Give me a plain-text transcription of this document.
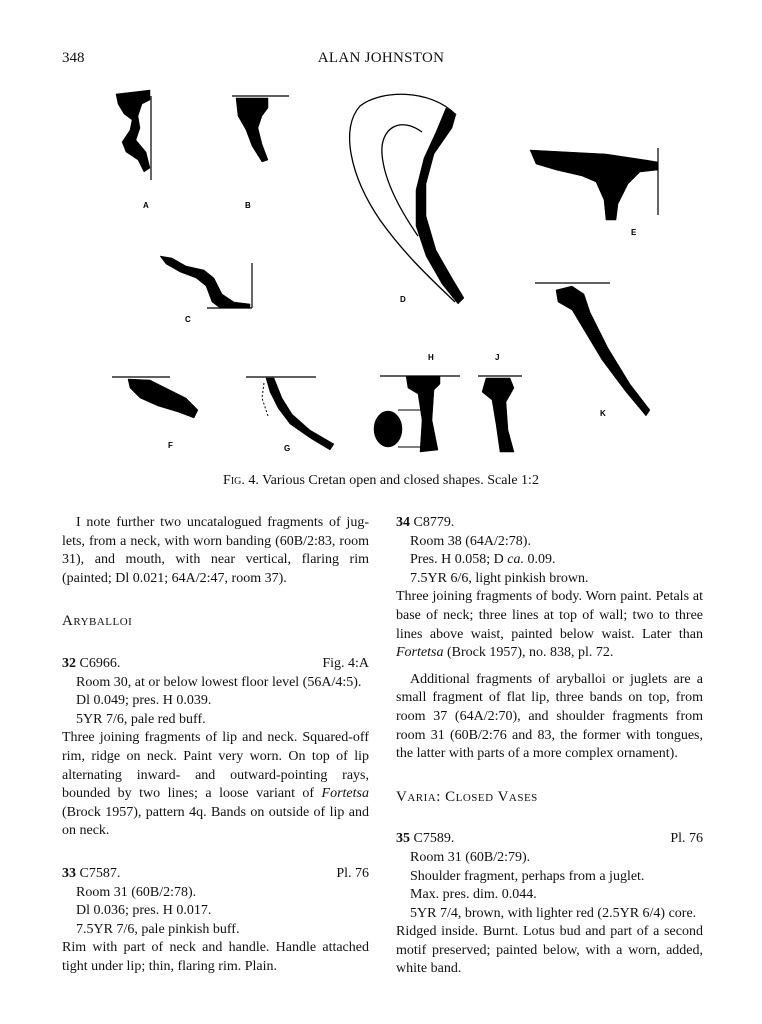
348	ALAN JOHNSTON
A	B
C
D
E
F	G
H	J
K
Fig. 4. Various Cretan open and closed shapes. Scale 1:2

I note further two uncatalogued fragments of juglets, from a neck, with worn banding (60B/2:83, room 31), and mouth, with near vertical, flaring rim (painted; Dl 0.021; 64A/2:47, room 37).

Aryballoi

32 C6966.	Fig. 4:A

Room 30, at or below lowest floor level (56A/4:5).

Dl 0.049; pres. H 0.039.

5YR 7/6, pale red buff.

Three joining fragments of lip and neck. Squared-off rim, ridge on neck. Paint very worn. On top of lip alternating inward- and outward-pointing rays, bounded by two lines; a loose variant of Fortetsa (Brock 1957), pattern 4q. Bands on outside of lip and on neck.

33 C7587.	Pl. 76

Room 31 (60B/2:78).

Dl 0.036; pres. H 0.017.

7.5YR 7/6, pale pinkish buff.

Rim with part of neck and handle. Handle attached tight under lip; thin, flaring rim. Plain.

34 C8779.

Room 38 (64A/2:78).

Pres. H 0.058; D ca. 0.09.

7.5YR 6/6, light pinkish brown.

Three joining fragments of body. Worn paint. Petals at base of neck; three lines at top of wall; two to three lines above waist, painted below waist. Later than Fortetsa (Brock 1957), no. 838, pl. 72.

Additional fragments of aryballoi or juglets are a small fragment of flat lip, three bands on top, from room 37 (64A/2:70), and shoulder fragments from room 31 (60B/2:76 and 83, the former with tongues, the latter with parts of a more complex ornament).

Varia: Closed Vases

35 C7589.	Pl. 76

Room 31 (60B/2:79).

Shoulder fragment, perhaps from a juglet.

Max. pres. dim. 0.044.

5YR 7/4, brown, with lighter red (2.5YR 6/4) core.

Ridged inside. Burnt. Lotus bud and part of a second motif preserved; painted below, with a worn, added, white band.
